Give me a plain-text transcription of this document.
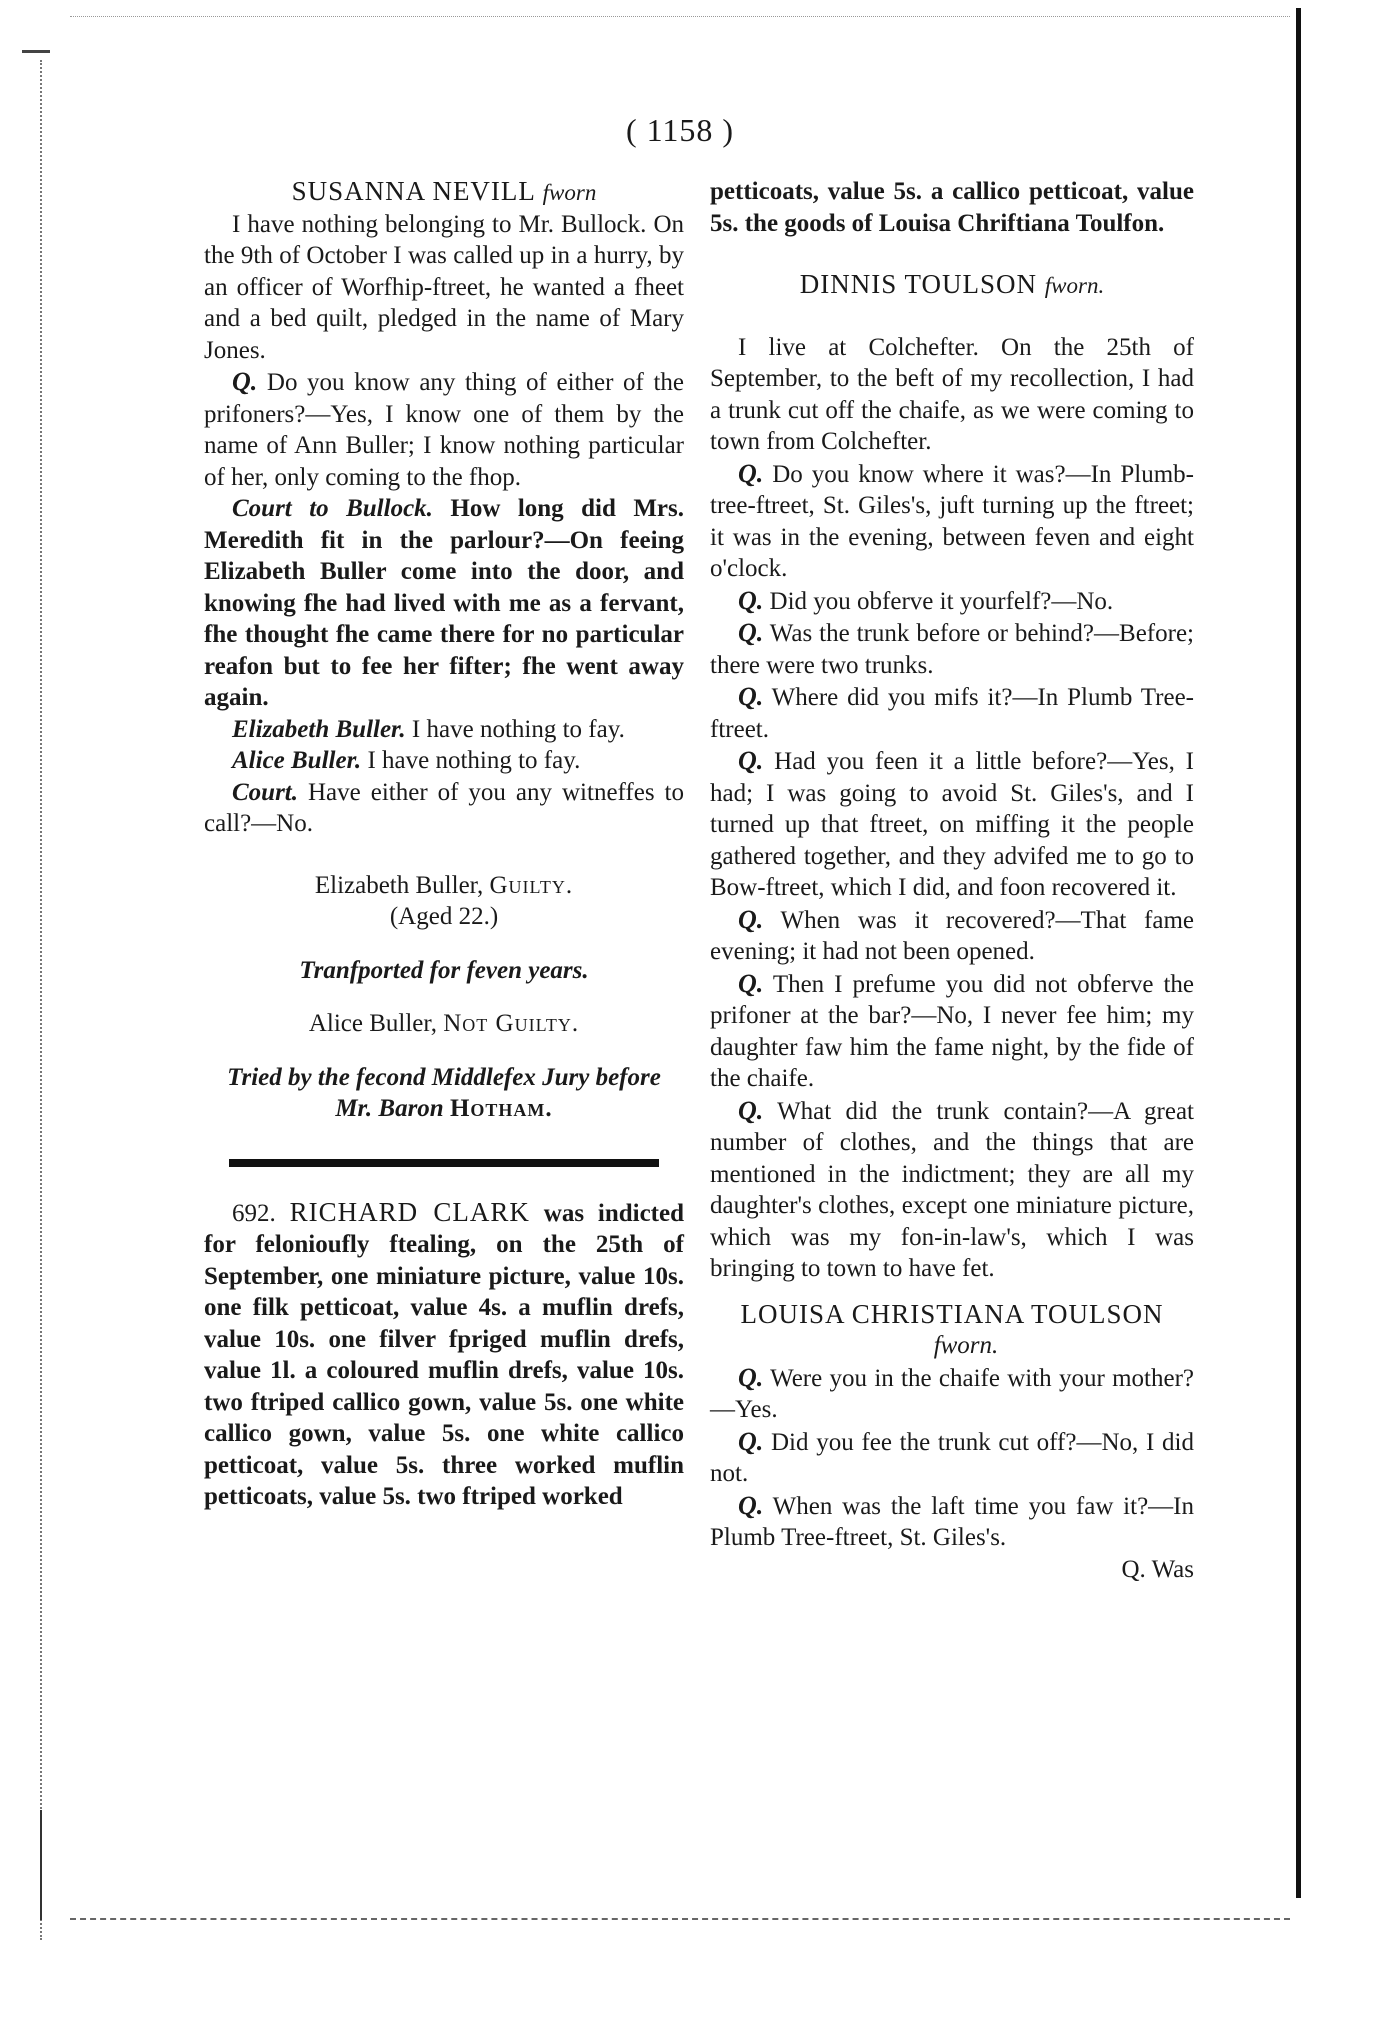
( 1158 )

SUSANNA NEVILL fworn

I have nothing belonging to Mr. Bullock. On the 9th of October I was called up in a hurry, by an officer of Worfhip-ftreet, he wanted a fheet and a bed quilt, pledged in the name of Mary Jones.

Q. Do you know any thing of either of the prifoners?—Yes, I know one of them by the name of Ann Buller; I know nothing particular of her, only coming to the fhop.

Court to Bullock. How long did Mrs. Meredith fit in the parlour?—On feeing Elizabeth Buller come into the door, and knowing fhe had lived with me as a fervant, fhe thought fhe came there for no particular reafon but to fee her fifter; fhe went away again.

Elizabeth Buller. I have nothing to fay.

Alice Buller. I have nothing to fay.

Court. Have either of you any witneffes to call?—No.

Elizabeth Buller, Guilty.

(Aged 22.)

Tranfported for feven years.

Alice Buller, Not Guilty.

Tried by the fecond Middlefex Jury before

Mr. Baron Hotham.

692. RICHARD CLARK was indicted for felonioufly ftealing, on the 25th of September, one miniature picture, value 10s. one filk petticoat, value 4s. a muflin drefs, value 10s. one filver fpriged muflin drefs, value 1l. a coloured muflin drefs, value 10s. two ftriped callico gown, value 5s. one white callico gown, value 5s. one white callico petticoat, value 5s. three worked muflin petticoats, value 5s. two ftriped worked

petticoats, value 5s. a callico petticoat, value 5s. the goods of Louisa Chriftiana Toulfon.

DINNIS TOULSON fworn.

I live at Colchefter. On the 25th of September, to the beft of my recollection, I had a trunk cut off the chaife, as we were coming to town from Colchefter.

Q. Do you know where it was?—In Plumb-tree-ftreet, St. Giles's, juft turning up the ftreet; it was in the evening, between feven and eight o'clock.

Q. Did you obferve it yourfelf?—No.

Q. Was the trunk before or behind?—Before; there were two trunks.

Q. Where did you mifs it?—In Plumb Tree-ftreet.

Q. Had you feen it a little before?—Yes, I had; I was going to avoid St. Giles's, and I turned up that ftreet, on miffing it the people gathered together, and they advifed me to go to Bow-ftreet, which I did, and foon recovered it.

Q. When was it recovered?—That fame evening; it had not been opened.

Q. Then I prefume you did not obferve the prifoner at the bar?—No, I never fee him; my daughter faw him the fame night, by the fide of the chaife.

Q. What did the trunk contain?—A great number of clothes, and the things that are mentioned in the indictment; they are all my daughter's clothes, except one miniature picture, which was my fon-in-law's, which I was bringing to town to have fet.

LOUISA CHRISTIANA TOULSON

fworn.

Q. Were you in the chaife with your mother?—Yes.

Q. Did you fee the trunk cut off?—No, I did not.

Q. When was the laft time you faw it?—In Plumb Tree-ftreet, St. Giles's.

Q. Was
